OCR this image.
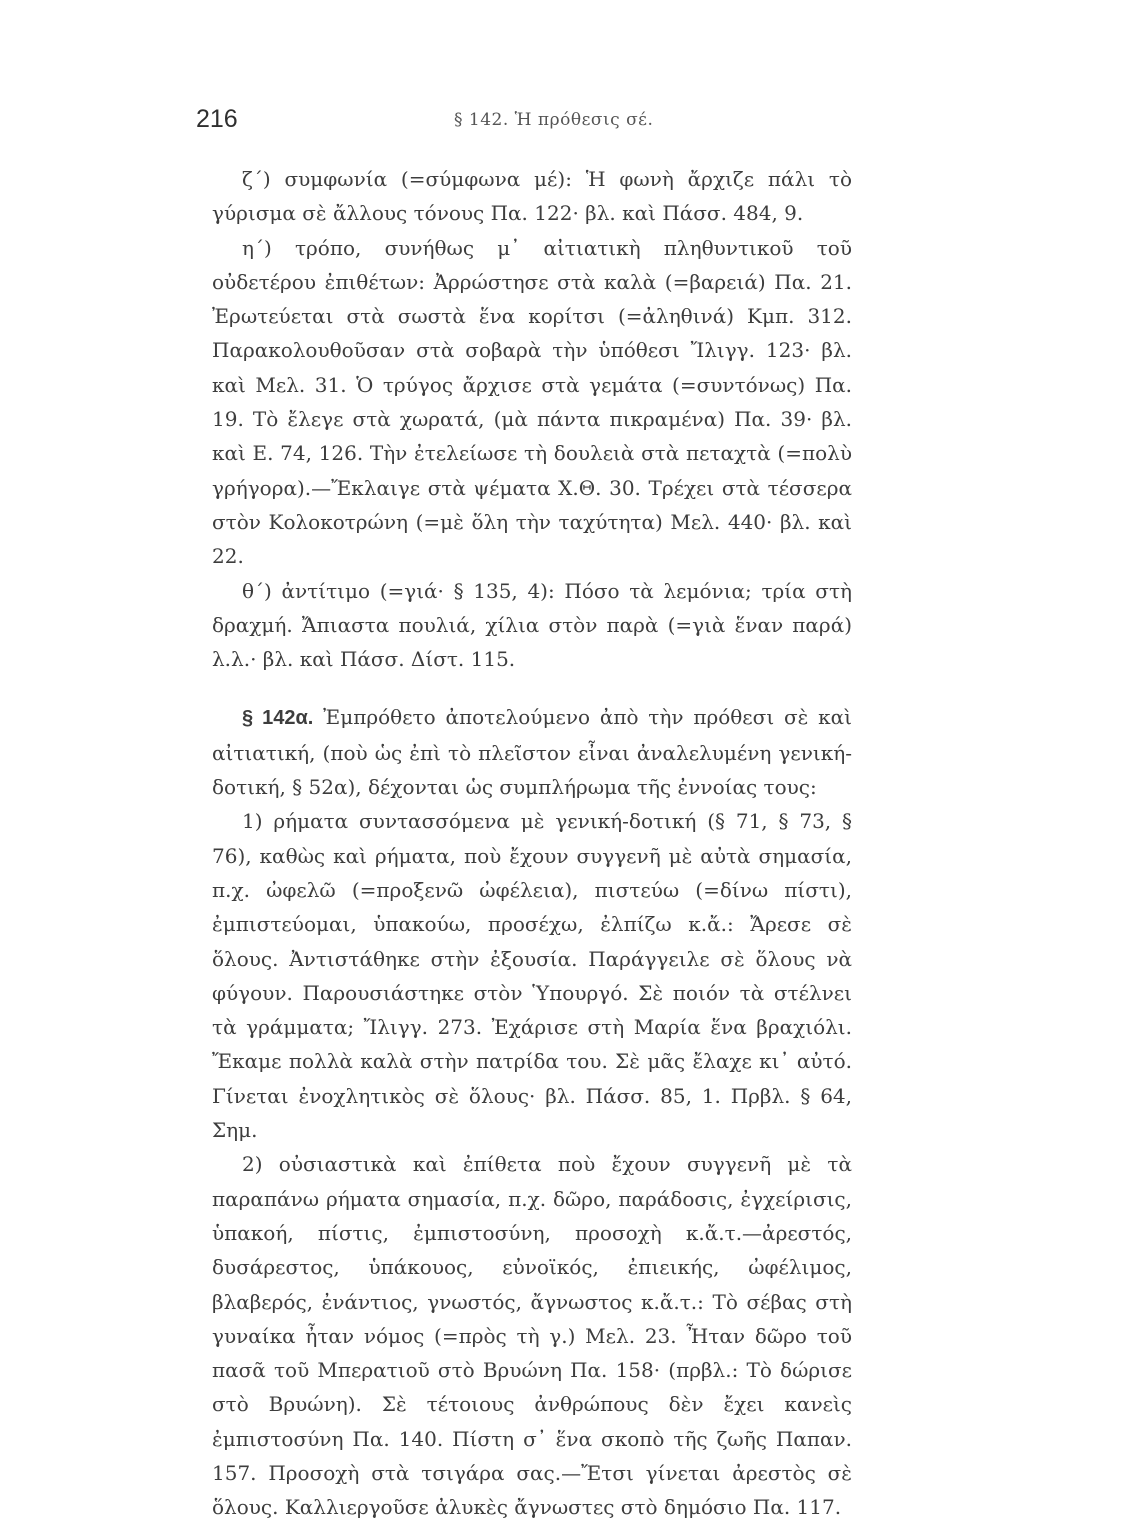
216	§ 142. Ἡ πρόθεσις σέ.

ζ΄) συμφωνία (=σύμφωνα μέ): Ἡ φωνὴ ἄρχιζε πάλι τὸ γύρισμα σὲ ἄλλους τόνους Πα. 122· βλ. καὶ Πάσσ. 484, 9.

η΄) τρόπο, συνήθως μ᾽ αἰτιατικὴ πληθυντικοῦ τοῦ οὐδετέρου ἐπιθέτων: Ἀρρώστησε στὰ καλὰ (=βαρειά) Πα. 21. Ἐρωτεύεται στὰ σωστὰ ἕνα κορίτσι (=ἀληθινά) Κμπ. 312. Παρακολουθοῦσαν στὰ σοβαρὰ τὴν ὑπόθεσι Ἴλιγγ. 123· βλ. καὶ Μελ. 31. Ὁ τρύγος ἄρχισε στὰ γεμάτα (=συντόνως) Πα. 19. Τὸ ἔλεγε στὰ χωρατά, (μὰ πάντα πικραμένα) Πα. 39· βλ. καὶ Ε. 74, 126. Τὴν ἐτελείωσε τὴ δουλειὰ στὰ πεταχτὰ (=πολὺ γρήγορα).—Ἔκλαιγε στὰ ψέματα Χ.Θ. 30. Τρέχει στὰ τέσσερα στὸν Κολοκοτρώνη (=μὲ ὅλη τὴν ταχύτητα) Μελ. 440· βλ. καὶ 22.

θ΄) ἀντίτιμο (=γιά· § 135, 4): Πόσο τὰ λεμόνια; τρία στὴ δραχμή. Ἄπιαστα πουλιά, χίλια στὸν παρὰ (=γιὰ ἕναν παρά) λ.λ.· βλ. καὶ Πάσσ. Δίστ. 115.

§ 142α. Ἐμπρόθετο ἀποτελούμενο ἀπὸ τὴν πρόθεσι σὲ καὶ αἰτιατική, (ποὺ ὡς ἐπὶ τὸ πλεῖστον εἶναι ἀναλελυμένη γενική-δοτική, § 52α), δέχονται ὡς συμπλήρωμα τῆς ἐννοίας τους:

1) ρήματα συντασσόμενα μὲ γενική-δοτική (§ 71, § 73, § 76), καθὼς καὶ ρήματα, ποὺ ἔχουν συγγενῆ μὲ αὐτὰ σημασία, π.χ. ὠφελῶ (=προξενῶ ὠφέλεια), πιστεύω (=δίνω πίστι), ἐμπιστεύομαι, ὑπακούω, προσέχω, ἐλπίζω κ.ἄ.: Ἄρεσε σὲ ὅλους. Ἀντιστάθηκε στὴν ἐξουσία. Παράγγειλε σὲ ὅλους νὰ φύγουν. Παρουσιάστηκε στὸν Ὑπουργό. Σὲ ποιόν τὰ στέλνει τὰ γράμματα; Ἴλιγγ. 273. Ἐχάρισε στὴ Μαρία ἕνα βραχιόλι. Ἔκαμε πολλὰ καλὰ στὴν πατρίδα του. Σὲ μᾶς ἔλαχε κι᾽ αὐτό. Γίνεται ἐνοχλητικὸς σὲ ὅλους· βλ. Πάσσ. 85, 1. Πρβλ. § 64, Σημ.

2) οὐσιαστικὰ καὶ ἐπίθετα ποὺ ἔχουν συγγενῆ μὲ τὰ παραπάνω ρήματα σημασία, π.χ. δῶρο, παράδοσις, ἐγχείρισις, ὑπακοή, πίστις, ἐμπιστοσύνη, προσοχὴ κ.ἄ.τ.—ἀρεστός, δυσάρεστος, ὑπάκουος, εὐνοϊκός, ἐπιεικής, ὠφέλιμος, βλαβερός, ἐνάντιος, γνωστός, ἄγνωστος κ.ἄ.τ.: Τὸ σέβας στὴ γυναίκα ἦταν νόμος (=πρὸς τὴ γ.) Μελ. 23. Ἦταν δῶρο τοῦ πασᾶ τοῦ Μπερατιοῦ στὸ Βρυώνη Πα. 158· (πρβλ.: Τὸ δώρισε στὸ Βρυώνη). Σὲ τέτοιους ἀνθρώπους δὲν ἔχει κανεὶς ἐμπιστοσύνη Πα. 140. Πίστη σ᾽ ἕνα σκοπὸ τῆς ζωῆς Παπαν. 157. Προσοχὴ στὰ τσιγάρα σας.—Ἔτσι γίνεται ἀρεστὸς σὲ ὅλους. Καλλιεργοῦσε ἀλυκὲς ἄγνωστες στὸ δημόσιο Πα. 117.
